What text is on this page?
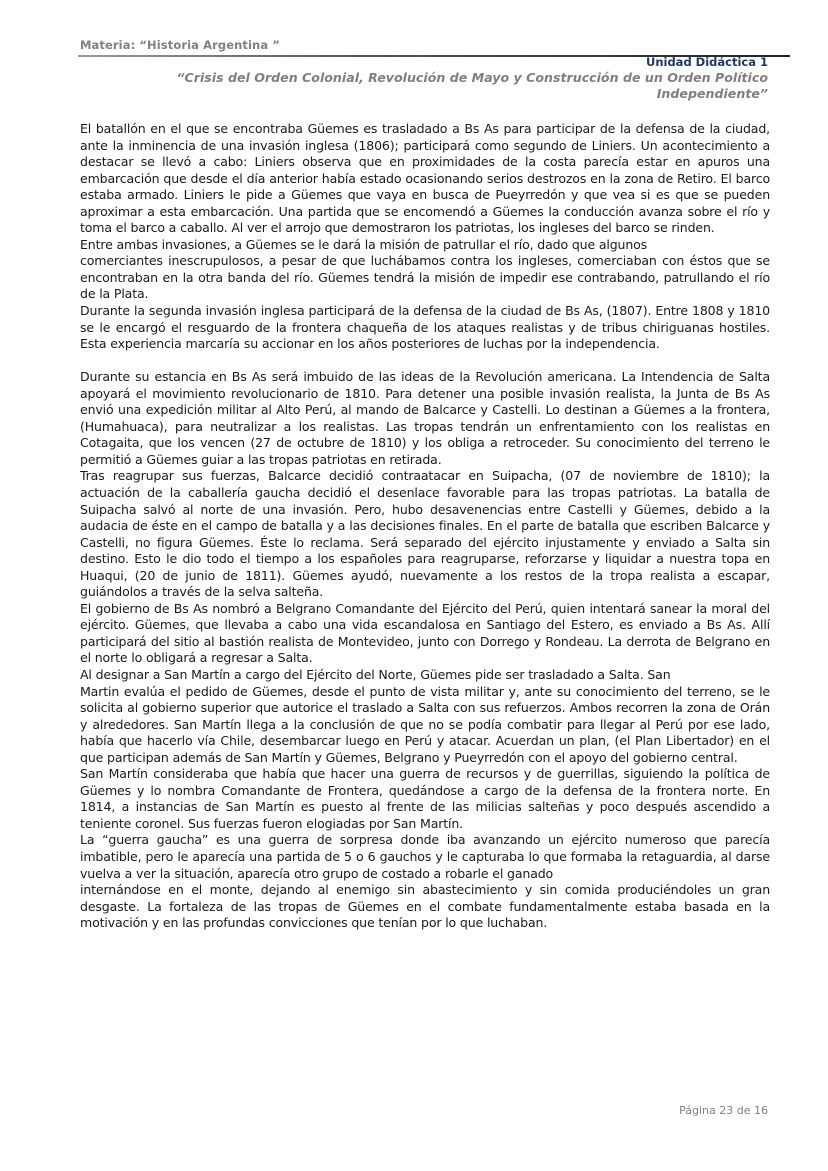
Materia: “Historia Argentina ”
Unidad Didáctica 1
“Crisis del Orden Colonial, Revolución de Mayo y Construcción de un Orden Político Independiente”

El batallón en el que se encontraba Güemes es trasladado a Bs As para participar de la defensa de la ciudad, ante la inminencia de una invasión inglesa (1806); participará como segundo de Liniers. Un acontecimiento a destacar se llevó a cabo: Liniers observa que en proximidades de la costa parecía estar en apuros una embarcación que desde el día anterior había estado ocasionando serios destrozos en la zona de Retiro. El barco estaba armado. Liniers le pide a Güemes que vaya en busca de Pueyrredón y que vea si es que se pueden aproximar a esta embarcación. Una partida que se encomendó a Güemes la conducción avanza sobre el río y toma el barco a caballo. Al ver el arrojo que demostraron los patriotas, los ingleses del barco se rinden.

Entre ambas invasiones, a Güemes se le dará la misión de patrullar el río, dado que algunos

comerciantes inescrupulosos, a pesar de que luchábamos contra los ingleses, comerciaban con éstos que se encontraban en la otra banda del río. Güemes tendrá la misión de impedir ese contrabando, patrullando el río de la Plata.

Durante la segunda invasión inglesa participará de la defensa de la ciudad de Bs As, (1807). Entre 1808 y 1810 se le encargó el resguardo de la frontera chaqueña de los ataques realistas y de tribus chiriguanas hostiles. Esta experiencia marcaría su accionar en los años posteriores de luchas por la independencia.

Durante su estancia en Bs As será imbuido de las ideas de la Revolución americana. La Intendencia de Salta apoyará el movimiento revolucionario de 1810. Para detener una posible invasión realista, la Junta de Bs As envió una expedición militar al Alto Perú, al mando de Balcarce y Castelli. Lo destinan a Güemes a la frontera, (Humahuaca), para neutralizar a los realistas. Las tropas tendrán un enfrentamiento con los realistas en Cotagaita, que los vencen (27 de octubre de 1810) y los obliga a retroceder. Su conocimiento del terreno le permitió a Güemes guiar a las tropas patriotas en retirada.

Tras reagrupar sus fuerzas, Balcarce decidió contraatacar en Suipacha, (07 de noviembre de 1810); la actuación de la caballería gaucha decidió el desenlace favorable para las tropas patriotas. La batalla de Suipacha salvó al norte de una invasión. Pero, hubo desavenencias entre Castelli y Güemes, debido a la audacia de éste en el campo de batalla y a las decisiones finales. En el parte de batalla que escriben Balcarce y Castelli, no figura Güemes. Éste lo reclama. Será separado del ejército injustamente y enviado a Salta sin destino. Esto le dio todo el tiempo a los españoles para reagruparse, reforzarse y liquidar a nuestra topa en Huaqui, (20 de junio de 1811). Güemes ayudó, nuevamente a los restos de la tropa realista a escapar, guiándolos a través de la selva salteña.

El gobierno de Bs As nombró a Belgrano Comandante del Ejército del Perú, quien intentará sanear la moral del ejército. Güemes, que llevaba a cabo una vida escandalosa en Santiago del Estero, es enviado a Bs As. Allí participará del sitio al bastión realista de Montevideo, junto con Dorrego y Rondeau. La derrota de Belgrano en el norte lo obligará a regresar a Salta.

Al designar a San Martín a cargo del Ejército del Norte, Güemes pide ser trasladado a Salta. San

Martin evalúa el pedido de Güemes, desde el punto de vista militar y, ante su conocimiento del terreno, se le solicita al gobierno superior que autorice el traslado a Salta con sus refuerzos. Ambos recorren la zona de Orán y alrededores. San Martín llega a la conclusión de que no se podía combatir para llegar al Perú por ese lado, había que hacerlo vía Chile, desembarcar luego en Perú y atacar. Acuerdan un plan, (el Plan Libertador) en el que participan además de San Martín y Güemes, Belgrano y Pueyrredón con el apoyo del gobierno central.

San Martín consideraba que había que hacer una guerra de recursos y de guerrillas, siguiendo la política de Güemes y lo nombra Comandante de Frontera, quedándose a cargo de la defensa de la frontera norte. En 1814, a instancias de San Martín es puesto al frente de las milicias salteñas y poco después ascendido a teniente coronel. Sus fuerzas fueron elogiadas por San Martín.

La “guerra gaucha” es una guerra de sorpresa donde iba avanzando un ejército numeroso que parecía imbatible, pero le aparecía una partida de 5 o 6 gauchos y le capturaba lo que formaba la retaguardia, al darse vuelva a ver la situación, aparecía otro grupo de costado a robarle el ganado

internándose en el monte, dejando al enemigo sin abastecimiento y sin comida produciéndoles un gran desgaste. La fortaleza de las tropas de Güemes en el combate fundamentalmente estaba basada en la motivación y en las profundas convicciones que tenían por lo que luchaban.

Página 23 de 16
